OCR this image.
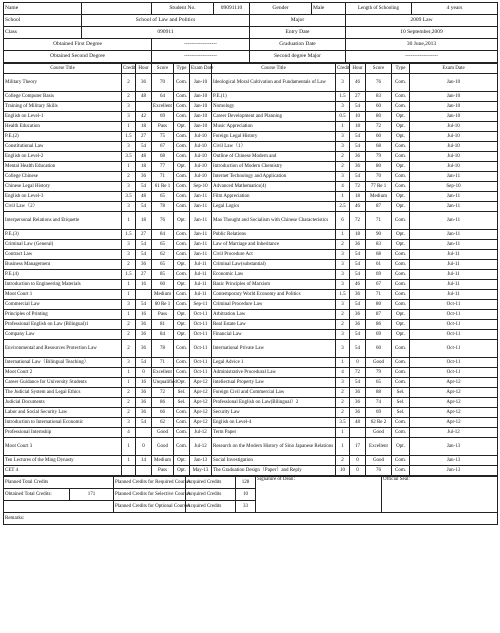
Name		Student No.	09091110	Gender	Male	Length of Schooling	4 years
School	School of Law and Politics			Major		2009 Law	
Class	090911			Entry Date		10 September,2009	
Obtained First Degree		------------------		Graduation Date		30 June,2013	
Obtained Second Degree		------------------		Second degree Major		------------------	
Course Title	Credit	Hour	Score	Type	Exam Date	Course Title	Credit	Hour	Score	Type	Exam Date
Military Theory	2	36	70	Com.	Jan-10	Ideological Moral Cultivation and Fundamentals of Law	3	46	76	Com.	Jan-10
College Computer Basis	2	48	64	Com.	Jan-10	P.E.(1)	1.5	27	83	Com.	Jan-10
Training of Military Skills	3		Excellent	Com.	Jan-10	Nomology	3	54	60	Com.	Jan-10
English on Level-1	3	42	69	Com.	Jan-10	Career Development and Planning	0.5	10	80	Opt.	Jan-10
Health Education	1	18	Pass	Opt.	Jan-10	Music Appreciation	1	18	72	Opt.	Jul-10
P.E.(2)	1.5	27	75	Com.	Jul-10	Foreign Legal History	3	54	60	Opt.	Jul-10
Constitutional Law	3	54	67	Com.	Jul-10	Civil Law（1）	3	54	68	Com.	Jul-10
English on Level-2	3.5	48	68	Com.	Jul-10	Outline of Chinese Modern and	2	36	79	Com.	Jul-10
Mental Health Education	1	18	77	Opt.	Jul-10	Introduction of Modern Chemistry	2	36	80	Opt.	Jul-10
College Chinese	2	36	71	Com.	Jul-10	Internet Technology and Application	3	54	70	Com.	Jan-11
Chinese Legal History	3	54	61 Re 1	Com.	Sep-10	Advanced Mathematics(4)	4	72	77 Re 1	Com.	Sep-10
English on Level-3	3.5	48	65	Com.	Jan-11	Film Appreciation	1	18	Medium	Opt.	Jan-11
Civil Law（2）	3	54	78	Com.	Jan-11	Legal Logics	2.5	46	87	Opt.	Jan-11
Interpersonal Relations and Etiquette	1	18	76	Opt.	Jan-11	Mao Thought and Socialism with Chinese Characteristics	6	72	71	Com.	Jan-11
P.E.(3)	1.5	27	84	Com.	Jan-11	Public Relations	1	18	90	Opt.	Jan-11
Criminal Law (General)	3	54	65	Com.	Jan-11	Law of Marriage and Inheritance	2	36	83	Opt.	Jan-11
Contract Law	3	54	62	Com.	Jan-11	Civil Procedure Act	3	54	68	Com.	Jul-11
Business Management	2	36	65	Opt.	Jul-11	Criminal Law(substantial)	3	54	61	Com.	Jul-11
P.E.(4)	1.5	27	85	Com.	Jul-11	Economic Law	3	54	69	Com.	Jul-11
Introduction to Engineering Materials	1	16	60	Opt.	Jul-11	Basic Principles of Marxism	3	46	67	Com.	Jul-11
Moot Court 1	1		Medium	Com.	Jul-11	Contemporary World Economy and Politics	1.5	36	71	Com.	Jul-11
Commercial Law	3	54	60 Re 1	Com.	Sep-11	Criminal Procedure Law	3	54	80	Com.	Oct-11
Principles of Printing	1	16	Pass	Opt.	Oct-11	Arbitration Law	2	36	87	Opt.	Oct-11
Professional English on Law (Bilingual)1	2	36	81	Opt.	Oct-11	Real Estate Law	2	36	86	Opt.	Oct-11
Company Law	2	36	84	Opt.	Oct-11	Financial Law	3	54	69	Opt.	Oct-11
Environmental and Resources Protection Law	2	36	78	Com.	Oct-11	International Private Law	3	54	60	Com.	Oct-11
International Law（Bilingual Teaching）	3	54	71	Com.	Oct-11	Legal Advice 1	1	0	Good	Com.	Oct-11
Moot Court 2	1	0	Excellent	Com.	Oct-11	Administrative Procedural Law	4	72	79	Com.	Oct-11
Career Guidance for University Students	1	16	Unqualified	Opt.	Apr-12	Intellectual Property Law	3	54	65	Com.	Apr-12
The Judicial System and Legal Ethics	2	36	72	Sel.	Apr-12	Foreign Civil and Commercial Law	2	36	88	Sel.	Apr-12
Judicial Documents	2	36	86	Sel.	Apr-12	Professional English on Law(Bilingual）2	2	36	74	Sel.	Apr-12
Labor and Social Security Law	2	36	66	Com.	Apr-12	Security Law	2	36	69	Sel.	Apr-12
Introduction to International Economic	3	54	62	Com.	Apr-12	English on Level-4	3.5	48	62 Re 2	Com.	Apr-12
Professional Internship	4		Good	Com.	Jul-12	Term Paper	1		Good	Com.	Jul-12
Moot Court 3	1	0	Good	Com.	Jul-12	Research on the Modern History of Sino Japanese Relations	1	17	Excellent	Opt.	Jan-13
Ten Lectures of the Ming Dynasty	1	14	Medium	Opt.	Jan-13	Social Investigation	2	0	Good	Com.	Jan-13
CET 4			Pass	Opt.	May-13	The Graduation Design（Paper）and Reply	10	0	76	Com.	Jun-13
Planned Total Credits		Planned Credits for Required Courses	Acquired Credits	128	Signature of Dean：	Official Seal:
Obtained Total Credits:	171	Planned Credits for Selective Courses	Acquired Credits	10		
		Planned Credits for Optional Courses	Acquired Credits	33		
Remarks:						
